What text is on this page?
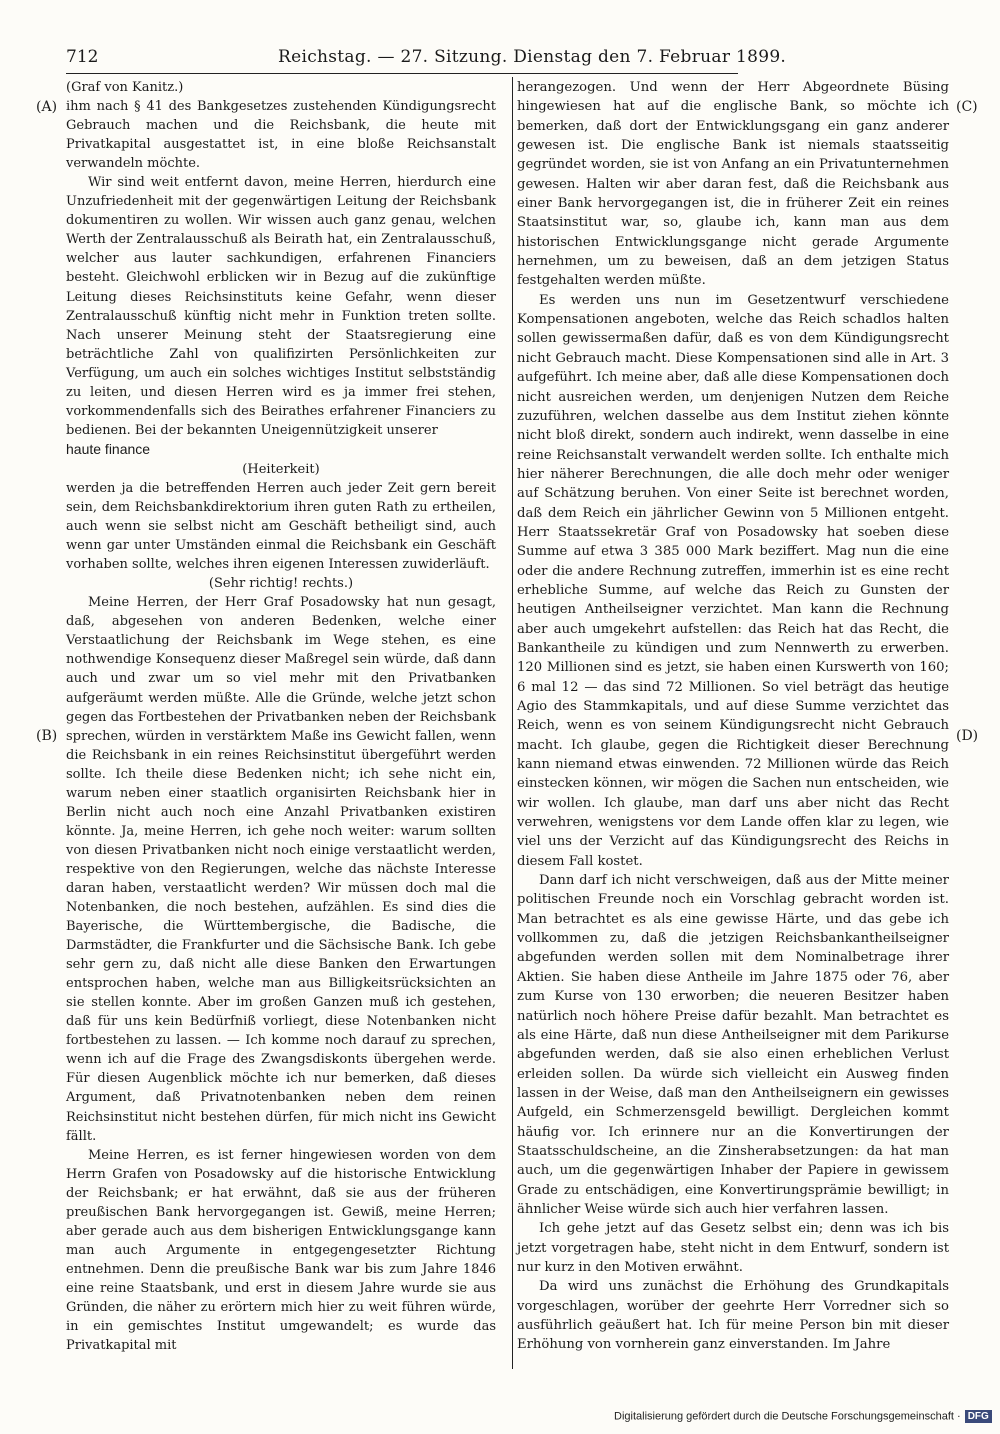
712	Reichstag. — 27. Sitzung. Dienstag den 7. Februar 1899.
(A)
(B)
(C)
(D)

(Graf von Kanitz.)

ihm nach § 41 des Bankgesetzes zustehenden Kündigungsrecht Gebrauch machen und die Reichsbank, die heute mit Privatkapital ausgestattet ist, in eine bloße Reichsanstalt verwandeln möchte.

Wir sind weit entfernt davon, meine Herren, hierdurch eine Unzufriedenheit mit der gegenwärtigen Leitung der Reichsbank dokumentiren zu wollen. Wir wissen auch ganz genau, welchen Werth der Zentralausschuß als Beirath hat, ein Zentralausschuß, welcher aus lauter sachkundigen, erfahrenen Financiers besteht. Gleichwohl erblicken wir in Bezug auf die zukünftige Leitung dieses Reichsinstituts keine Gefahr, wenn dieser Zentralausschuß künftig nicht mehr in Funktion treten sollte. Nach unserer Meinung steht der Staatsregierung eine beträchtliche Zahl von qualifizirten Persönlichkeiten zur Verfügung, um auch ein solches wichtiges Institut selbstständig zu leiten, und diesen Herren wird es ja immer frei stehen, vorkommendenfalls sich des Beirathes erfahrener Financiers zu bedienen. Bei der bekannten Uneigennützigkeit unserer
haute finance

(Heiterkeit)

werden ja die betreffenden Herren auch jeder Zeit gern bereit sein, dem Reichsbankdirektorium ihren guten Rath zu ertheilen, auch wenn sie selbst nicht am Geschäft betheiligt sind, auch wenn gar unter Umständen einmal die Reichsbank ein Geschäft vorhaben sollte, welches ihren eigenen Interessen zuwiderläuft.

(Sehr richtig! rechts.)

Meine Herren, der Herr Graf Posadowsky hat nun gesagt, daß, abgesehen von anderen Bedenken, welche einer Verstaatlichung der Reichsbank im Wege stehen, es eine nothwendige Konsequenz dieser Maßregel sein würde, daß dann auch und zwar um so viel mehr mit den Privatbanken aufgeräumt werden müßte. Alle die Gründe, welche jetzt schon gegen das Fortbestehen der Privatbanken neben der Reichsbank sprechen, würden in verstärktem Maße ins Gewicht fallen, wenn die Reichsbank in ein reines Reichsinstitut übergeführt werden sollte. Ich theile diese Bedenken nicht; ich sehe nicht ein, warum neben einer staatlich organisirten Reichsbank hier in Berlin nicht auch noch eine Anzahl Privatbanken existiren könnte. Ja, meine Herren, ich gehe noch weiter: warum sollten von diesen Privatbanken nicht noch einige verstaatlicht werden, respektive von den Regierungen, welche das nächste Interesse daran haben, verstaatlicht werden? Wir müssen doch mal die Notenbanken, die noch bestehen, aufzählen. Es sind dies die Bayerische, die Württembergische, die Badische, die Darmstädter, die Frankfurter und die Sächsische Bank. Ich gebe sehr gern zu, daß nicht alle diese Banken den Erwartungen entsprochen haben, welche man aus Billigkeitsrücksichten an sie stellen konnte. Aber im großen Ganzen muß ich gestehen, daß für uns kein Bedürfniß vorliegt, diese Notenbanken nicht fortbestehen zu lassen. — Ich komme noch darauf zu sprechen, wenn ich auf die Frage des Zwangsdiskonts übergehen werde. Für diesen Augenblick möchte ich nur bemerken, daß dieses Argument, daß Privatnotenbanken neben dem reinen Reichsinstitut nicht bestehen dürfen, für mich nicht ins Gewicht fällt.

Meine Herren, es ist ferner hingewiesen worden von dem Herrn Grafen von Posadowsky auf die historische Entwicklung der Reichsbank; er hat erwähnt, daß sie aus der früheren preußischen Bank hervorgegangen ist. Gewiß, meine Herren; aber gerade auch aus dem bisherigen Entwicklungsgange kann man auch Argumente in entgegengesetzter Richtung entnehmen. Denn die preußische Bank war bis zum Jahre 1846 eine reine Staatsbank, und erst in diesem Jahre wurde sie aus Gründen, die näher zu erörtern mich hier zu weit führen würde, in ein gemischtes Institut umgewandelt; es wurde das Privatkapital mit

herangezogen. Und wenn der Herr Abgeordnete Büsing hingewiesen hat auf die englische Bank, so möchte ich bemerken, daß dort der Entwicklungsgang ein ganz anderer gewesen ist. Die englische Bank ist niemals staatsseitig gegründet worden, sie ist von Anfang an ein Privatunternehmen gewesen. Halten wir aber daran fest, daß die Reichsbank aus einer Bank hervorgegangen ist, die in früherer Zeit ein reines Staatsinstitut war, so, glaube ich, kann man aus dem historischen Entwicklungsgange nicht gerade Argumente hernehmen, um zu beweisen, daß an dem jetzigen Status festgehalten werden müßte.

Es werden uns nun im Gesetzentwurf verschiedene Kompensationen angeboten, welche das Reich schadlos halten sollen gewissermaßen dafür, daß es von dem Kündigungsrecht nicht Gebrauch macht. Diese Kompensationen sind alle in Art. 3 aufgeführt. Ich meine aber, daß alle diese Kompensationen doch nicht ausreichen werden, um denjenigen Nutzen dem Reiche zuzuführen, welchen dasselbe aus dem Institut ziehen könnte nicht bloß direkt, sondern auch indirekt, wenn dasselbe in eine reine Reichsanstalt verwandelt werden sollte. Ich enthalte mich hier näherer Berechnungen, die alle doch mehr oder weniger auf Schätzung beruhen. Von einer Seite ist berechnet worden, daß dem Reich ein jährlicher Gewinn von 5 Millionen entgeht. Herr Staatssekretär Graf von Posadowsky hat soeben diese Summe auf etwa 3 385 000 Mark beziffert. Mag nun die eine oder die andere Rechnung zutreffen, immerhin ist es eine recht erhebliche Summe, auf welche das Reich zu Gunsten der heutigen Antheilseigner verzichtet. Man kann die Rechnung aber auch umgekehrt aufstellen: das Reich hat das Recht, die Bankantheile zu kündigen und zum Nennwerth zu erwerben. 120 Millionen sind es jetzt, sie haben einen Kurswerth von 160; 6 mal 12 — das sind 72 Millionen. So viel beträgt das heutige Agio des Stammkapitals, und auf diese Summe verzichtet das Reich, wenn es von seinem Kündigungsrecht nicht Gebrauch macht. Ich glaube, gegen die Richtigkeit dieser Berechnung kann niemand etwas einwenden. 72 Millionen würde das Reich einstecken können, wir mögen die Sachen nun entscheiden, wie wir wollen. Ich glaube, man darf uns aber nicht das Recht verwehren, wenigstens vor dem Lande offen klar zu legen, wie viel uns der Verzicht auf das Kündigungsrecht des Reichs in diesem Fall kostet.

Dann darf ich nicht verschweigen, daß aus der Mitte meiner politischen Freunde noch ein Vorschlag gebracht worden ist. Man betrachtet es als eine gewisse Härte, und das gebe ich vollkommen zu, daß die jetzigen Reichsbankantheilseigner abgefunden werden sollen mit dem Nominalbetrage ihrer Aktien. Sie haben diese Antheile im Jahre 1875 oder 76, aber zum Kurse von 130 erworben; die neueren Besitzer haben natürlich noch höhere Preise dafür bezahlt. Man betrachtet es als eine Härte, daß nun diese Antheilseigner mit dem Parikurse abgefunden werden, daß sie also einen erheblichen Verlust erleiden sollen. Da würde sich vielleicht ein Ausweg finden lassen in der Weise, daß man den Antheilseignern ein gewisses Aufgeld, ein Schmerzensgeld bewilligt. Dergleichen kommt häufig vor. Ich erinnere nur an die Konvertirungen der Staatsschuldscheine, an die Zinsherabsetzungen: da hat man auch, um die gegenwärtigen Inhaber der Papiere in gewissem Grade zu entschädigen, eine Konvertirungsprämie bewilligt; in ähnlicher Weise würde sich auch hier verfahren lassen.

Ich gehe jetzt auf das Gesetz selbst ein; denn was ich bis jetzt vorgetragen habe, steht nicht in dem Entwurf, sondern ist nur kurz in den Motiven erwähnt.

Da wird uns zunächst die Erhöhung des Grundkapitals vorgeschlagen, worüber der geehrte Herr Vorredner sich so ausführlich geäußert hat. Ich für meine Person bin mit dieser Erhöhung von vornherein ganz einverstanden. Im Jahre

Digitalisierung gefördert durch die Deutsche Forschungsgemeinschaft · DFG
